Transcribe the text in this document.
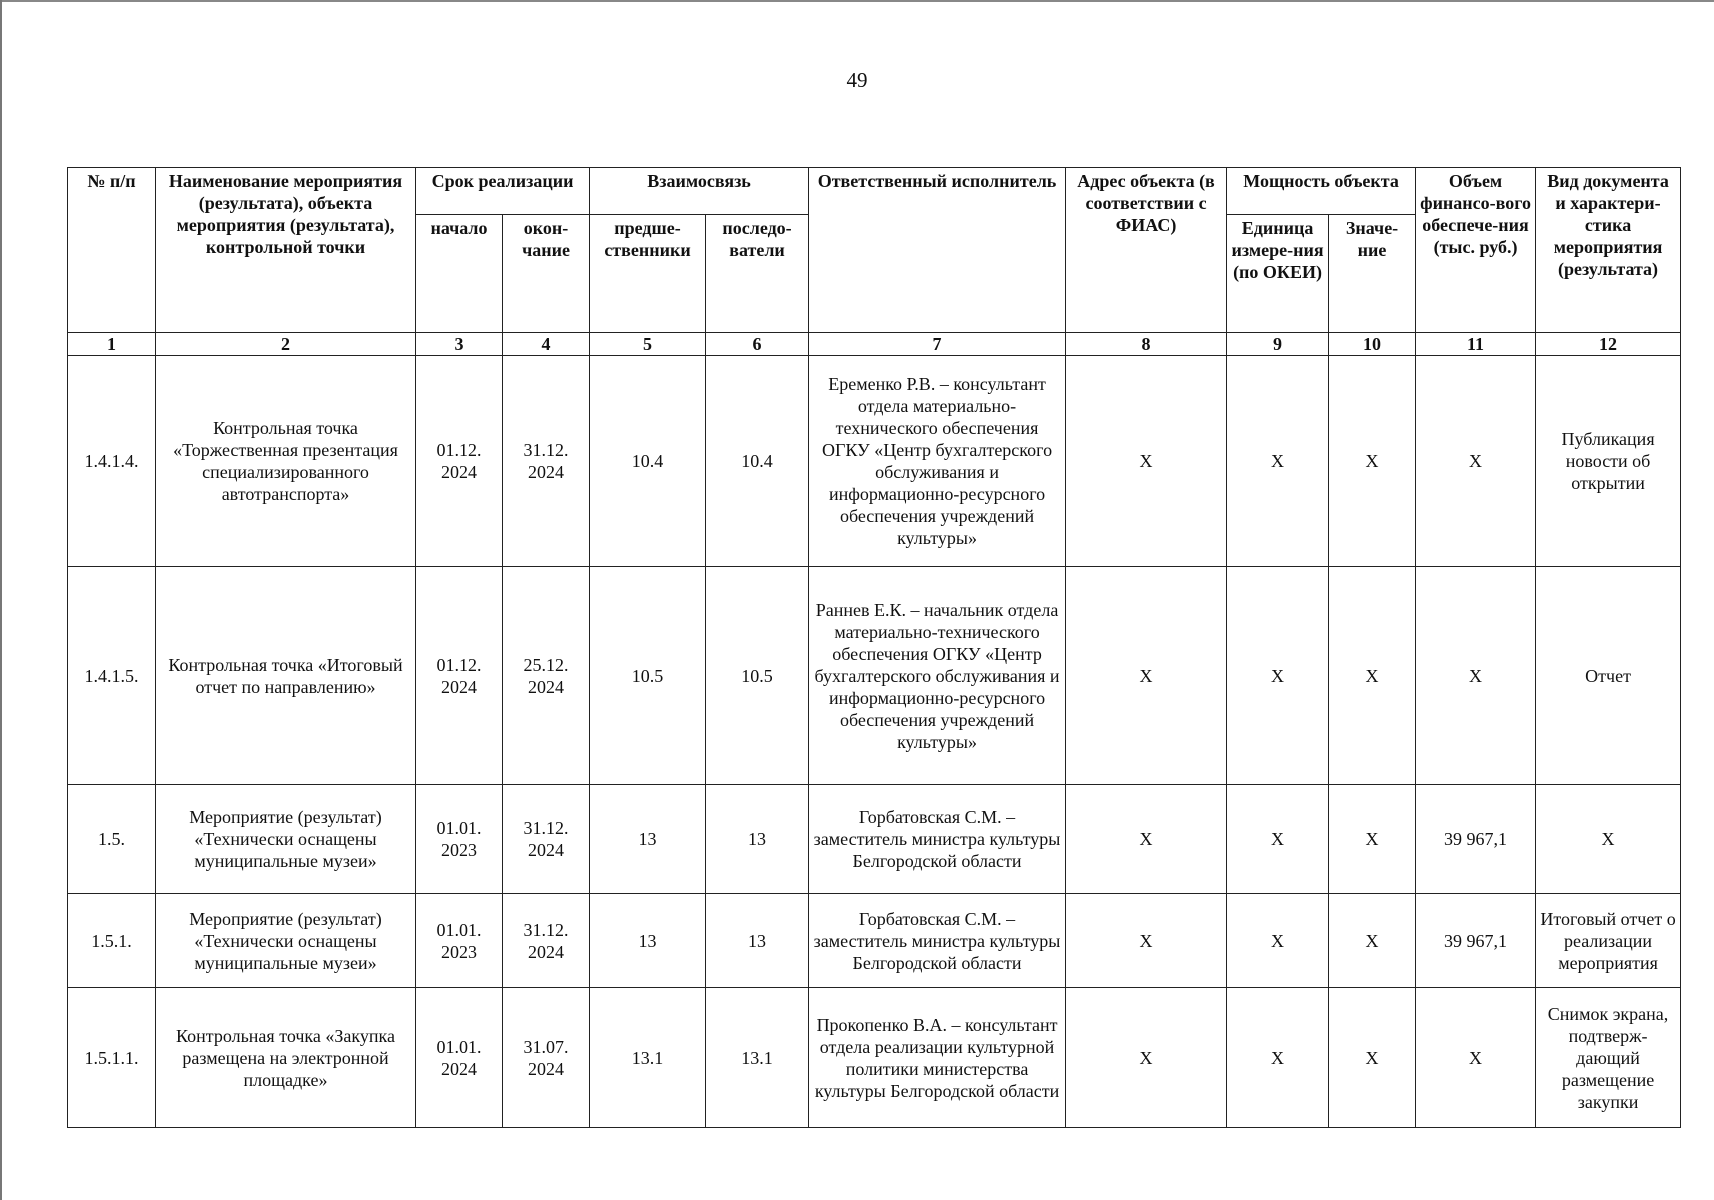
49
№ п/п	Наименование мероприятия (результата), объекта мероприятия (результата), контрольной точки	Срок реализации		Взаимосвязь		Ответственный исполнитель	Адрес объекта (в соответствии с ФИАС)	Мощность объекта		Объем финансо-вого обеспече-ния (тыс. руб.)	Вид документа и характери-стика мероприятия (результата)
		начало	окон-чание	предше-ственники	последо-ватели			Единица измере-ния (по ОКЕИ)	Значе-ние		
1	2	3	4	5	6	7	8	9	10	11	12
1.4.1.4.	Контрольная точка «Торжественная презентация специализированного автотранспорта»	01.12. 2024	31.12. 2024	10.4	10.4	Еременко Р.В. – консультант отдела материально-технического обеспечения ОГКУ «Центр бухгалтерского обслуживания и информационно-ресурсного обеспечения учреждений культуры»	Х	Х	Х	Х	Публикация новости об открытии
1.4.1.5.	Контрольная точка «Итоговый отчет по направлению»	01.12. 2024	25.12. 2024	10.5	10.5	Раннев Е.К. – начальник отдела материально-технического обеспечения ОГКУ «Центр бухгалтерского обслуживания и информационно-ресурсного обеспечения учреждений культуры»	Х	Х	Х	Х	Отчет
1.5.	Мероприятие (результат) «Технически оснащены муниципальные музеи»	01.01. 2023	31.12. 2024	13	13	Горбатовская С.М. – заместитель министра культуры Белгородской области	Х	Х	Х	39 967,1	Х
1.5.1.	Мероприятие (результат) «Технически оснащены муниципальные музеи»	01.01. 2023	31.12. 2024	13	13	Горбатовская С.М. – заместитель министра культуры Белгородской области	Х	Х	Х	39 967,1	Итоговый отчет о реализации мероприятия
1.5.1.1.	Контрольная точка «Закупка размещена на электронной площадке»	01.01. 2024	31.07. 2024	13.1	13.1	Прокопенко В.А. – консультант отдела реализации культурной политики министерства культуры Белгородской области	Х	Х	Х	Х	Снимок экрана, подтверж-дающий размещение закупки
